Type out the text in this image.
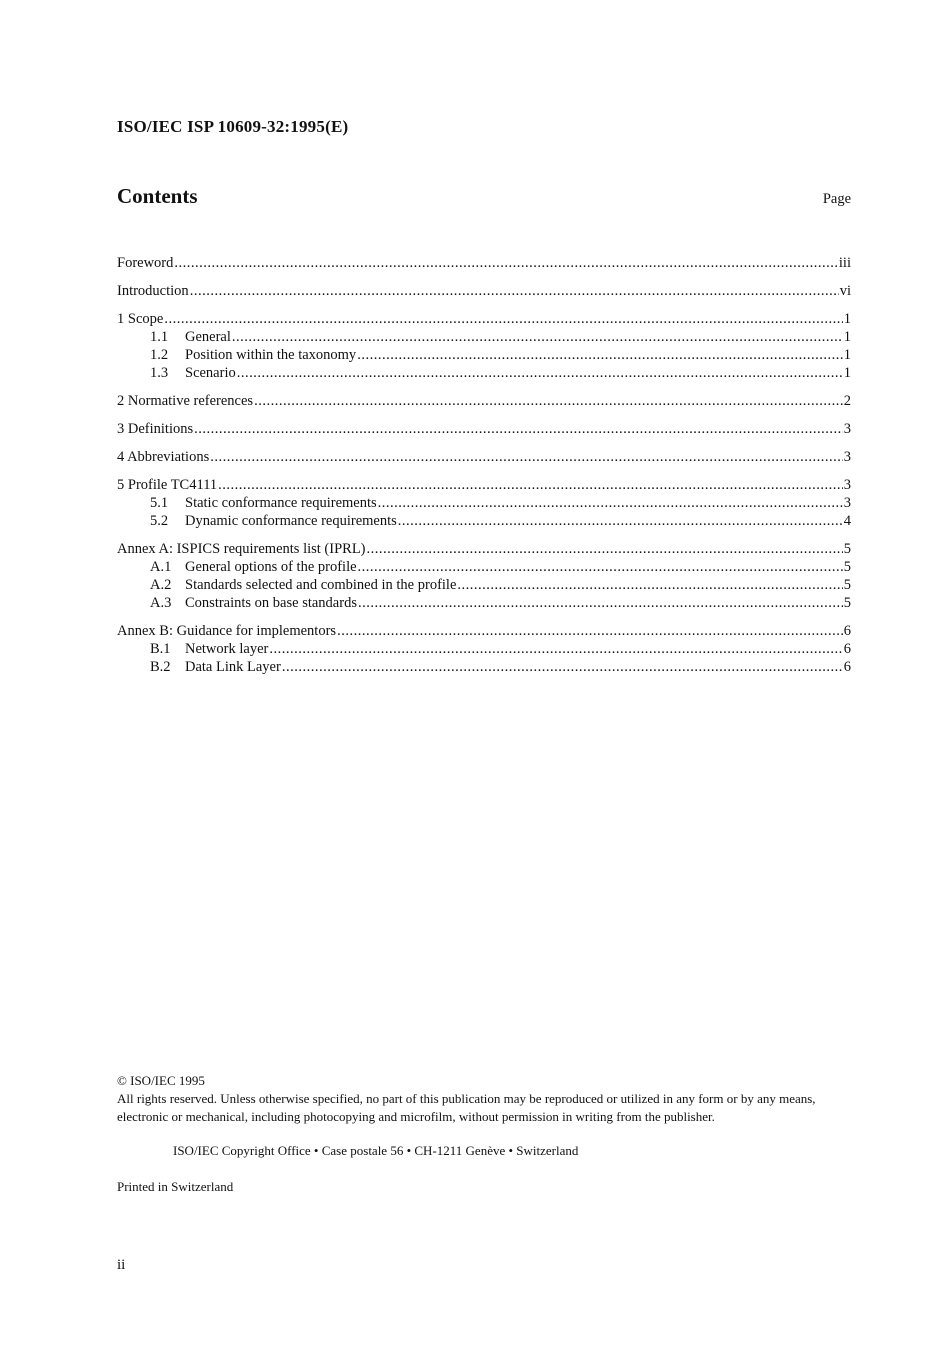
ISO/IEC ISP 10609-32:1995(E)
Contents	Page
Foreword .....	iii
Introduction .....	vi
1 Scope .....	1
1.1	General .....	1
1.2	Position within the taxonomy .....	1
1.3	Scenario .....	1
2 Normative references .....	2
3 Definitions .....	3
4 Abbreviations .....	3
5 Profile TC4111 .....	3
5.1	Static conformance requirements .....	3
5.2	Dynamic conformance requirements .....	4
Annex A: ISPICS requirements list (IPRL) .....	5
A.1 General options of the profile .....	5
A.2 Standards selected and combined in the profile .....	5
A.3 Constraints on base standards .....	5
Annex B: Guidance for implementors .....	6
B.1 Network layer .....	6
B.2 Data Link Layer .....	6
© ISO/IEC 1995
All rights reserved. Unless otherwise specified, no part of this publication may be reproduced or utilized in any form or by any means, electronic or mechanical, including photocopying and microfilm, without permission in writing from the publisher.
ISO/IEC Copyright Office • Case postale 56 • CH-1211 Genève • Switzerland
Printed in Switzerland
ii
